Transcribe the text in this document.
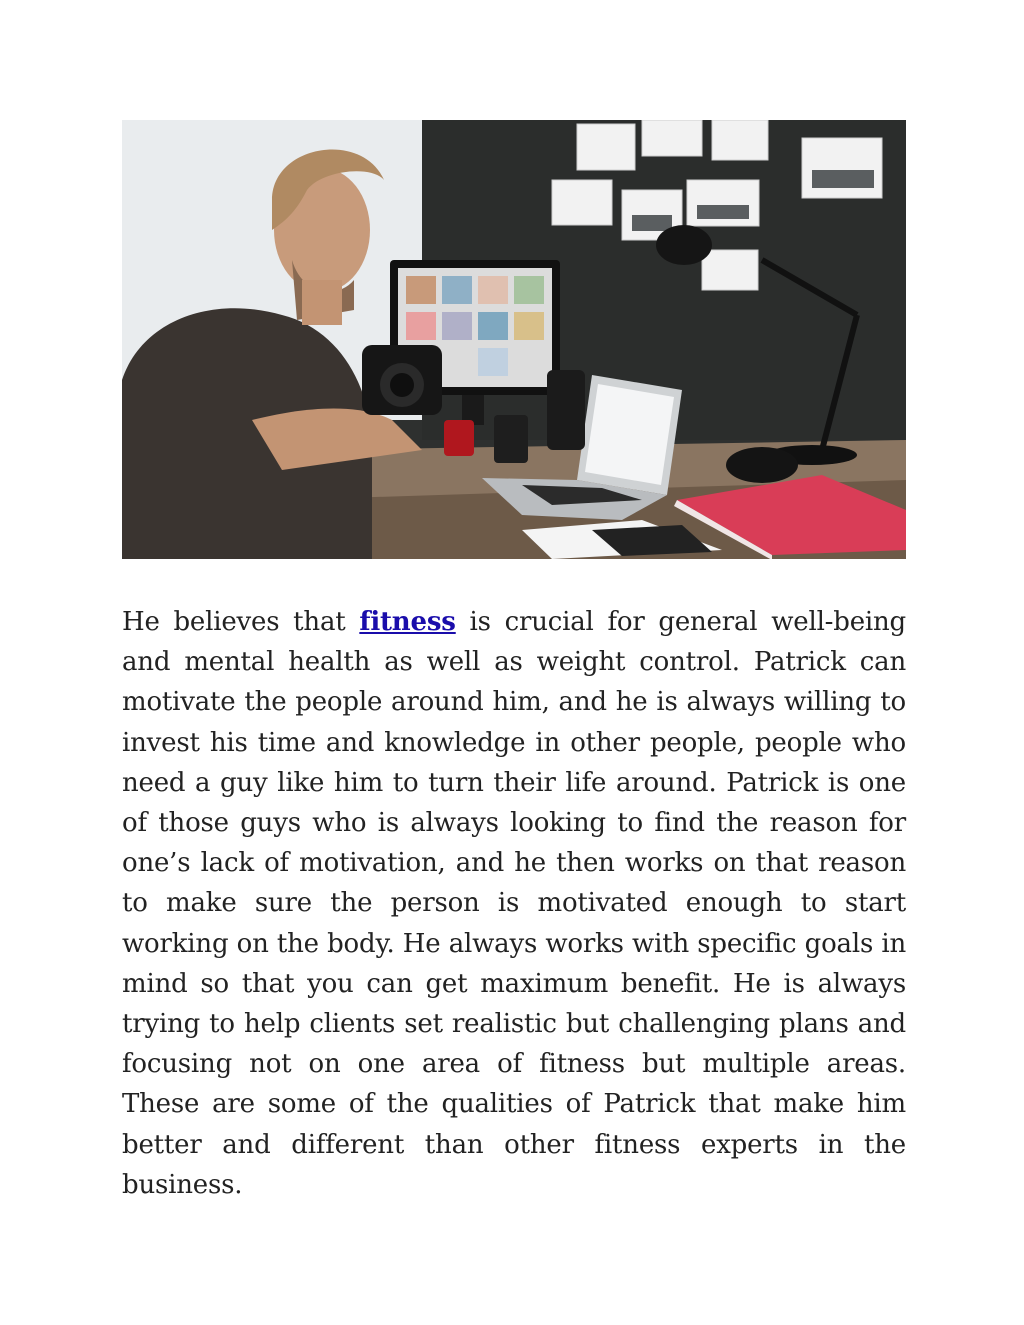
He believes that fitness is crucial for general well-being and mental health as well as weight control. Patrick can motivate the people around him, and he is always willing to invest his time and knowledge in other people, people who need a guy like him to turn their life around. Patrick is one of those guys who is always looking to find the reason for one’s lack of motivation, and he then works on that reason to make sure the person is motivated enough to start working on the body. He always works with specific goals in mind so that you can get maximum benefit. He is always trying to help clients set realistic but challenging plans and focusing not on one area of fitness but multiple areas. These are some of the qualities of Patrick that make him better and different than other fitness experts in the business.
